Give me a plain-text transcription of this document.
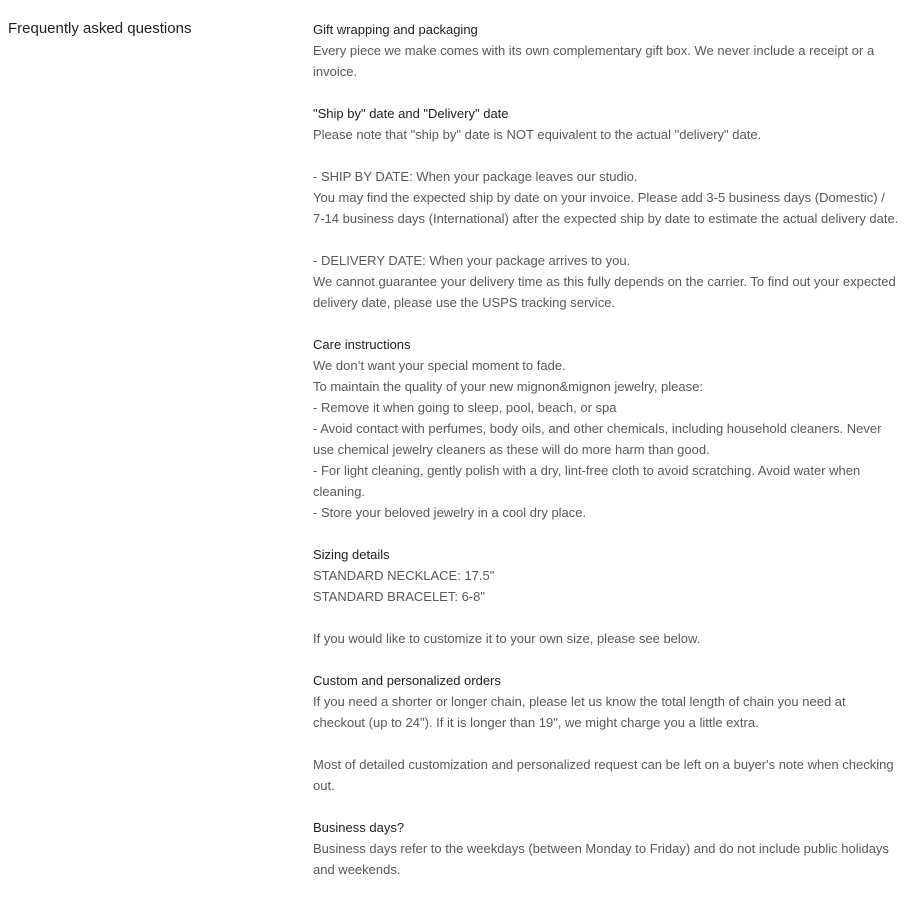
Frequently asked questions	Gift wrapping and packaging

Every piece we make comes with its own complementary gift box. We never include a receipt or a invoice.

"Ship by" date and "Delivery" date

Please note that "ship by" date is NOT equivalent to the actual "delivery" date.

- SHIP BY DATE: When your package leaves our studio.

You may find the expected ship by date on your invoice. Please add 3-5 business days (Domestic) / 7-14 business days (International) after the expected ship by date to estimate the actual delivery date.

- DELIVERY DATE: When your package arrives to you.

We cannot guarantee your delivery time as this fully depends on the carrier. To find out your expected delivery date, please use the USPS tracking service.

Care instructions

We don’t want your special moment to fade.

To maintain the quality of your new mignon&mignon jewelry, please:

- Remove it when going to sleep, pool, beach, or spa

- Avoid contact with perfumes, body oils, and other chemicals, including household cleaners. Never use chemical jewelry cleaners as these will do more harm than good.

- For light cleaning, gently polish with a dry, lint-free cloth to avoid scratching. Avoid water when cleaning.

- Store your beloved jewelry in a cool dry place.

Sizing details

STANDARD NECKLACE: 17.5"

STANDARD BRACELET: 6-8"

If you would like to customize it to your own size, please see below.

Custom and personalized orders

If you need a shorter or longer chain, please let us know the total length of chain you need at checkout (up to 24"). If it is longer than 19", we might charge you a little extra.

Most of detailed customization and personalized request can be left on a buyer's note when checking out.

Business days?

Business days refer to the weekdays (between Monday to Friday) and do not include public holidays and weekends.
